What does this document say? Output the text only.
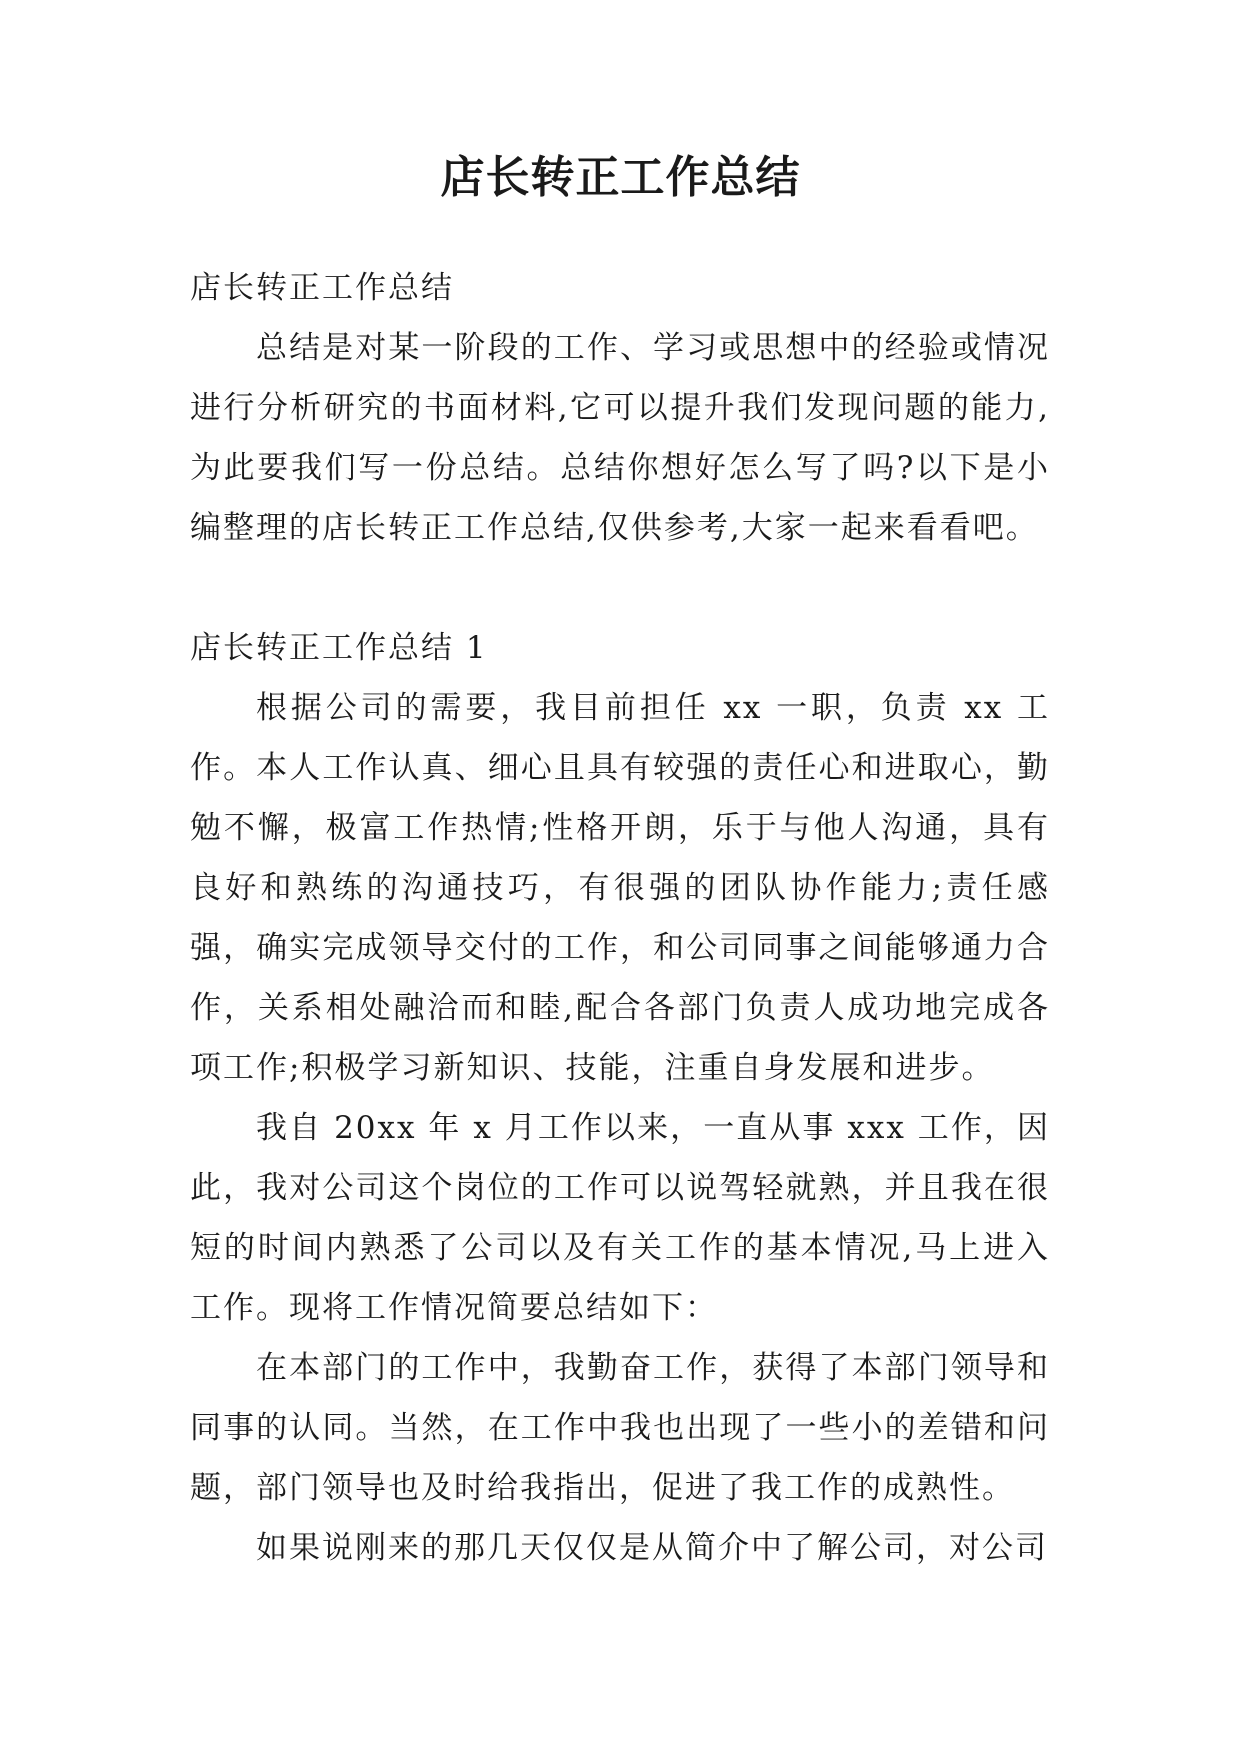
店长转正工作总结

店长转正工作总结

总结是对某一阶段的工作、学习或思想中的经验或情况进行分析研究的书面材料,它可以提升我们发现问题的能力,为此要我们写一份总结。总结你想好怎么写了吗?以下是小编整理的店长转正工作总结,仅供参考,大家一起来看看吧。

店长转正工作总结 1

根据公司的需要，我目前担任 xx 一职，负责 xx 工作。本人工作认真、细心且具有较强的责任心和进取心，勤勉不懈，极富工作热情;性格开朗，乐于与他人沟通，具有良好和熟练的沟通技巧，有很强的团队协作能力;责任感强，确实完成领导交付的工作，和公司同事之间能够通力合作，关系相处融洽而和睦,配合各部门负责人成功地完成各项工作;积极学习新知识、技能，注重自身发展和进步。

我自 20xx 年 x 月工作以来，一直从事 xxx 工作，因此，我对公司这个岗位的工作可以说驾轻就熟，并且我在很短的时间内熟悉了公司以及有关工作的基本情况,马上进入工作。现将工作情况简要总结如下：

在本部门的工作中，我勤奋工作，获得了本部门领导和同事的认同。当然，在工作中我也出现了一些小的差错和问题，部门领导也及时给我指出，促进了我工作的成熟性。

如果说刚来的那几天仅仅是从简介中了解公司，对公司
